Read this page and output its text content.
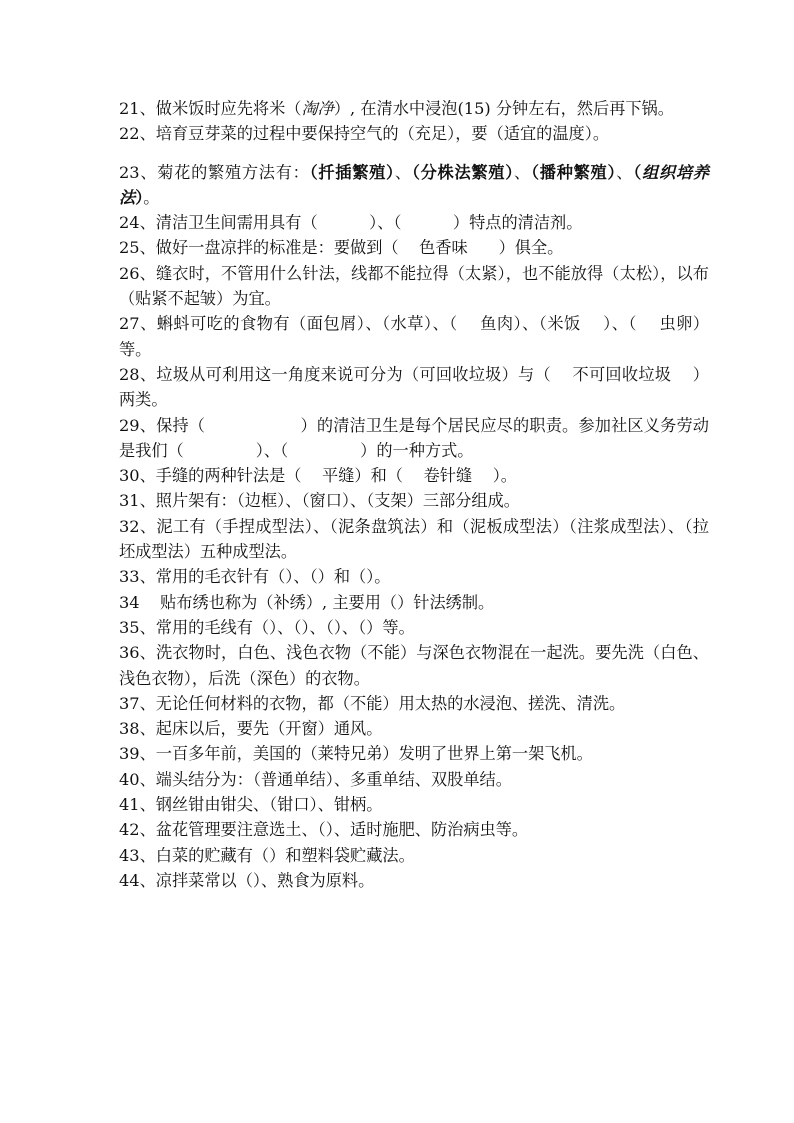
21、做米饭时应先将米（淘净）, 在清水中浸泡(15) 分钟左右，然后再下锅。

22、培育豆芽菜的过程中要保持空气的（充足），要（适宜的温度）。

23、菊花的繁殖方法有：（扦插繁殖）、（分株法繁殖）、（播种繁殖）、（组织培养法）。

24、清洁卫生间需用具有（          ）、（          ）特点的清洁剂。

25、做好一盘凉拌的标准是：要做到（    色香味      ）俱全。

26、缝衣时，不管用什么针法，线都不能拉得（太紧），也不能放得（太松），以布（贴紧不起皱）为宜。

27、蝌蚪可吃的食物有（面包屑）、（水草）、（    鱼肉）、（米饭    ）、（    虫卵）等。

28、垃圾从可利用这一角度来说可分为（可回收垃圾）与（    不可回收垃圾    ）两类。

29、保持（                  ）的清洁卫生是每个居民应尽的职责。参加社区义务劳动是我们（              ）、（              ）的一种方式。

30、手缝的两种针法是（    平缝）和（    卷针缝    ）。

31、照片架有：（边框）、（窗口）、（支架）三部分组成。

32、泥工有（手捏成型法）、（泥条盘筑法）和（泥板成型法）（注浆成型法）、（拉坯成型法）五种成型法。

33、常用的毛衣针有（）、（）和（）。

34    贴布绣也称为（补绣）, 主要用（）针法绣制。

35、常用的毛线有（）、（）、（）、（）等。

36、洗衣物时，白色、浅色衣物（不能）与深色衣物混在一起洗。要先洗（白色、浅色衣物），后洗（深色）的衣物。

37、无论任何材料的衣物，都（不能）用太热的水浸泡、搓洗、清洗。

38、起床以后，要先（开窗）通风。

39、一百多年前，美国的（莱特兄弟）发明了世界上第一架飞机。

40、端头结分为：（普通单结）、多重单结、双股单结。

41、钢丝钳由钳尖、（钳口）、钳柄。

42、盆花管理要注意选土、（）、适时施肥、防治病虫等。

43、白菜的贮藏有（）和塑料袋贮藏法。

44、凉拌菜常以（）、熟食为原料。
